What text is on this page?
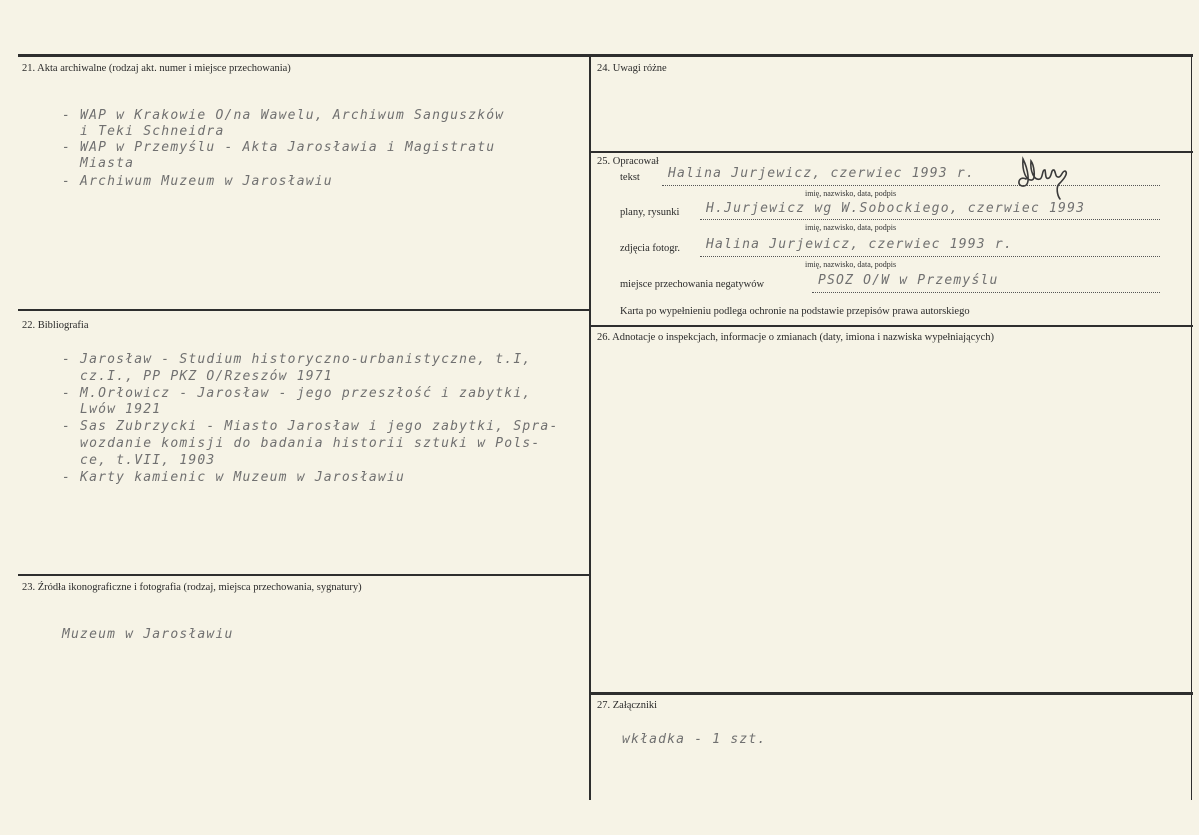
21. Akta archiwalne (rodzaj akt. numer i miejsce przechowania)
- WAP w Krakowie O/na Wawelu, Archiwum Sanguszków
i Teki Schneidra
- WAP w Przemyślu - Akta Jarosławia i Magistratu
Miasta
- Archiwum Muzeum w Jarosławiu
22. Bibliografia
- Jarosław - Studium historyczno-urbanistyczne, t.I,
cz.I., PP PKZ O/Rzeszów 1971
- M.Orłowicz - Jarosław - jego przeszłość i zabytki,
Lwów 1921
- Sas Zubrzycki - Miasto Jarosław i jego zabytki, Spra-
wozdanie komisji do badania historii sztuki w Pols-
ce, t.VII, 1903
- Karty kamienic w Muzeum w Jarosławiu
23. Źródła ikonograficzne i fotografia (rodzaj, miejsca przechowania, sygnatury)
Muzeum w Jarosławiu
24. Uwagi różne
25. Opracował
tekst Halina Jurjewicz, czerwiec 1993 r.
imię, nazwisko, data, podpis
plany, rysunki H.Jurjewicz wg W.Sobockiego, czerwiec 1993
imię, nazwisko, data, podpis
zdjęcia fotogr. Halina Jurjewicz, czerwiec 1993 r.
imię, nazwisko, data, podpis
miejsce przechowania negatywów	PSOZ O/W w Przemyślu
Karta po wypełnieniu podlega ochronie na podstawie przepisów prawa autorskiego
26. Adnotacje o inspekcjach, informacje o zmianach (daty, imiona i nazwiska wypełniających)
27. Załączniki
wkładka - 1 szt.
